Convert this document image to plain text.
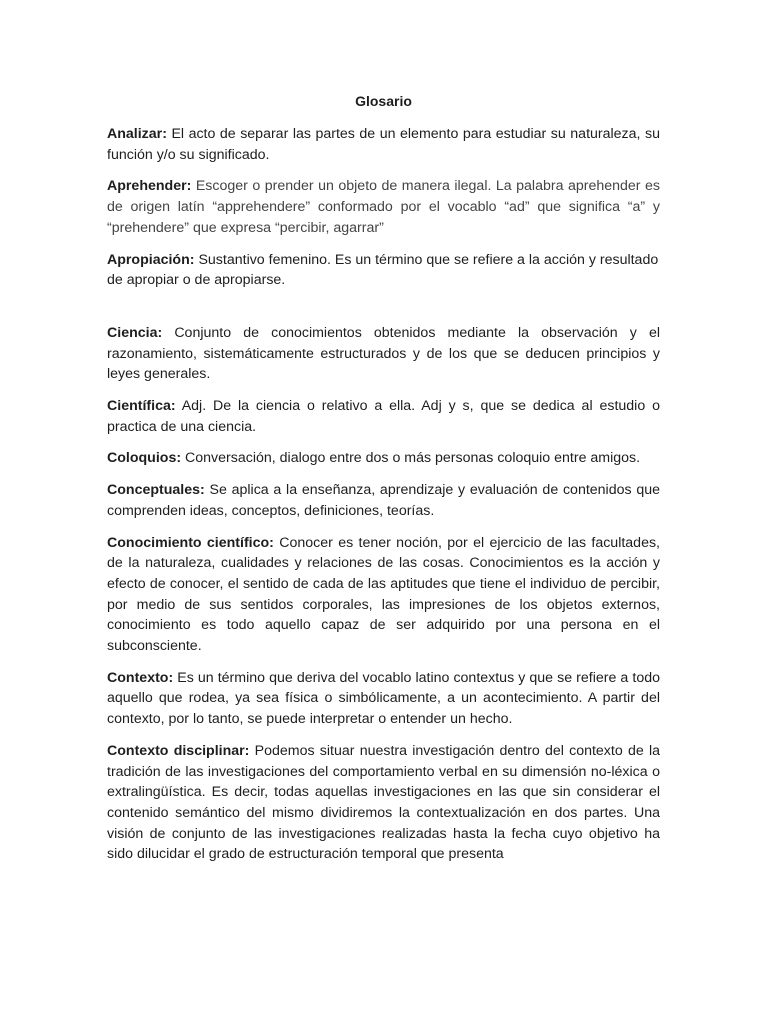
Glosario

Analizar: El acto de separar las partes de un elemento para estudiar su naturaleza, su función y/o su significado.

Aprehender: Escoger o prender un objeto de manera ilegal. La palabra aprehender es de origen latín “apprehendere” conformado por el vocablo “ad” que significa “a” y “prehendere” que expresa “percibir, agarrar”

Apropiación: Sustantivo femenino. Es un término que se refiere a la acción y resultado de apropiar o de apropiarse.

Ciencia: Conjunto de conocimientos obtenidos mediante la observación y el razonamiento, sistemáticamente estructurados y de los que se deducen principios y leyes generales.

Científica: Adj. De la ciencia o relativo a ella. Adj y s, que se dedica al estudio o practica de una ciencia.

Coloquios: Conversación, dialogo entre dos o más personas coloquio entre amigos.

Conceptuales: Se aplica a la enseñanza, aprendizaje y evaluación de contenidos que comprenden ideas, conceptos, definiciones, teorías.

Conocimiento científico: Conocer es tener noción, por el ejercicio de las facultades, de la naturaleza, cualidades y relaciones de las cosas. Conocimientos es la acción y efecto de conocer, el sentido de cada de las aptitudes que tiene el individuo de percibir, por medio de sus sentidos corporales, las impresiones de los objetos externos, conocimiento es todo aquello capaz de ser adquirido por una persona en el subconsciente.

Contexto: Es un término que deriva del vocablo latino contextus y que se refiere a todo aquello que rodea, ya sea física o simbólicamente, a un acontecimiento. A partir del contexto, por lo tanto, se puede interpretar o entender un hecho.

Contexto disciplinar: Podemos situar nuestra investigación dentro del contexto de la tradición de las investigaciones del comportamiento verbal en su dimensión no-léxica o extralingüística. Es decir, todas aquellas investigaciones en las que sin considerar el contenido semántico del mismo dividiremos la contextualización en dos partes. Una visión de conjunto de las investigaciones realizadas hasta la fecha cuyo objetivo ha sido dilucidar el grado de estructuración temporal que presenta
